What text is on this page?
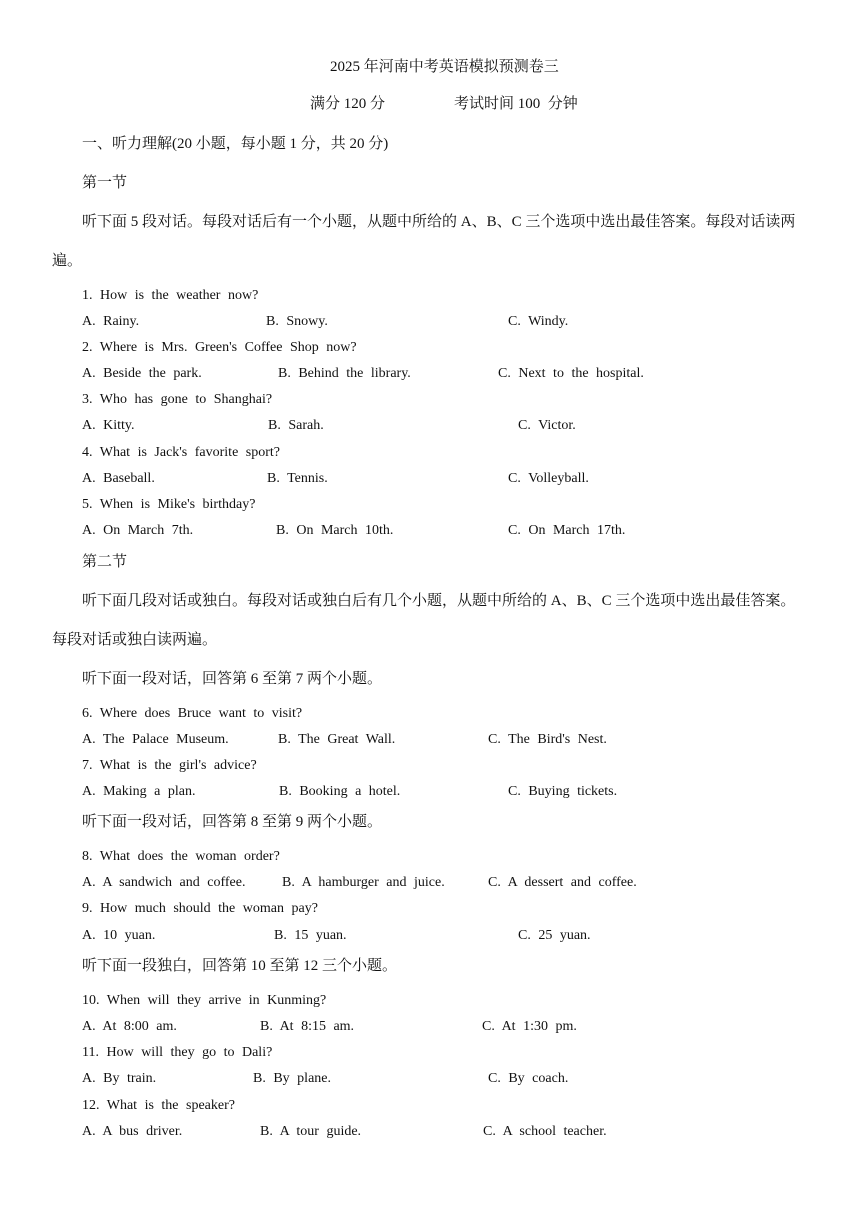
2025 年河南中考英语模拟预测卷三
满分 120 分	考试时间 100  分钟
一、听力理解(20 小题，每小题 1 分，共 20 分)
第一节
听下面 5 段对话。每段对话后有一个小题，从题中所给的 A、B、C 三个选项中选出最佳答案。每段对话读两
遍。
1. How is the weather now?
A. Rainy.	B. Snowy.	C. Windy.
2. Where is Mrs. Green's Coffee Shop now?
A. Beside the park.	B. Behind the library.	C. Next to the hospital.
3. Who has gone to Shanghai?
A. Kitty.	B. Sarah.	C. Victor.
4. What is Jack's favorite sport?
A. Baseball.	B. Tennis.	C. Volleyball.
5. When is Mike's birthday?
A. On March 7th.	B. On March 10th.	C. On March 17th.
第二节
听下面几段对话或独白。每段对话或独白后有几个小题，从题中所给的 A、B、C 三个选项中选出最佳答案。
每段对话或独白读两遍。
听下面一段对话，回答第 6 至第 7 两个小题。
6. Where does Bruce want to visit?
A. The Palace Museum.	B. The Great Wall.	C. The Bird's Nest.
7. What is the girl's advice?
A. Making a plan.	B. Booking a hotel.	C. Buying tickets.
听下面一段对话，回答第 8 至第 9 两个小题。
8. What does the woman order?
A. A sandwich and coffee.	B. A hamburger and juice.	C. A dessert and coffee.
9. How much should the woman pay?
A. 10 yuan.	B. 15 yuan.	C. 25 yuan.
听下面一段独白，回答第 10 至第 12 三个小题。
10. When will they arrive in Kunming?
A. At 8:00 am.	B. At 8:15 am.	C. At 1:30 pm.
11. How will they go to Dali?
A. By train.	B. By plane.	C. By coach.
12. What is the speaker?
A. A bus driver.	B. A tour guide.	C. A school teacher.
